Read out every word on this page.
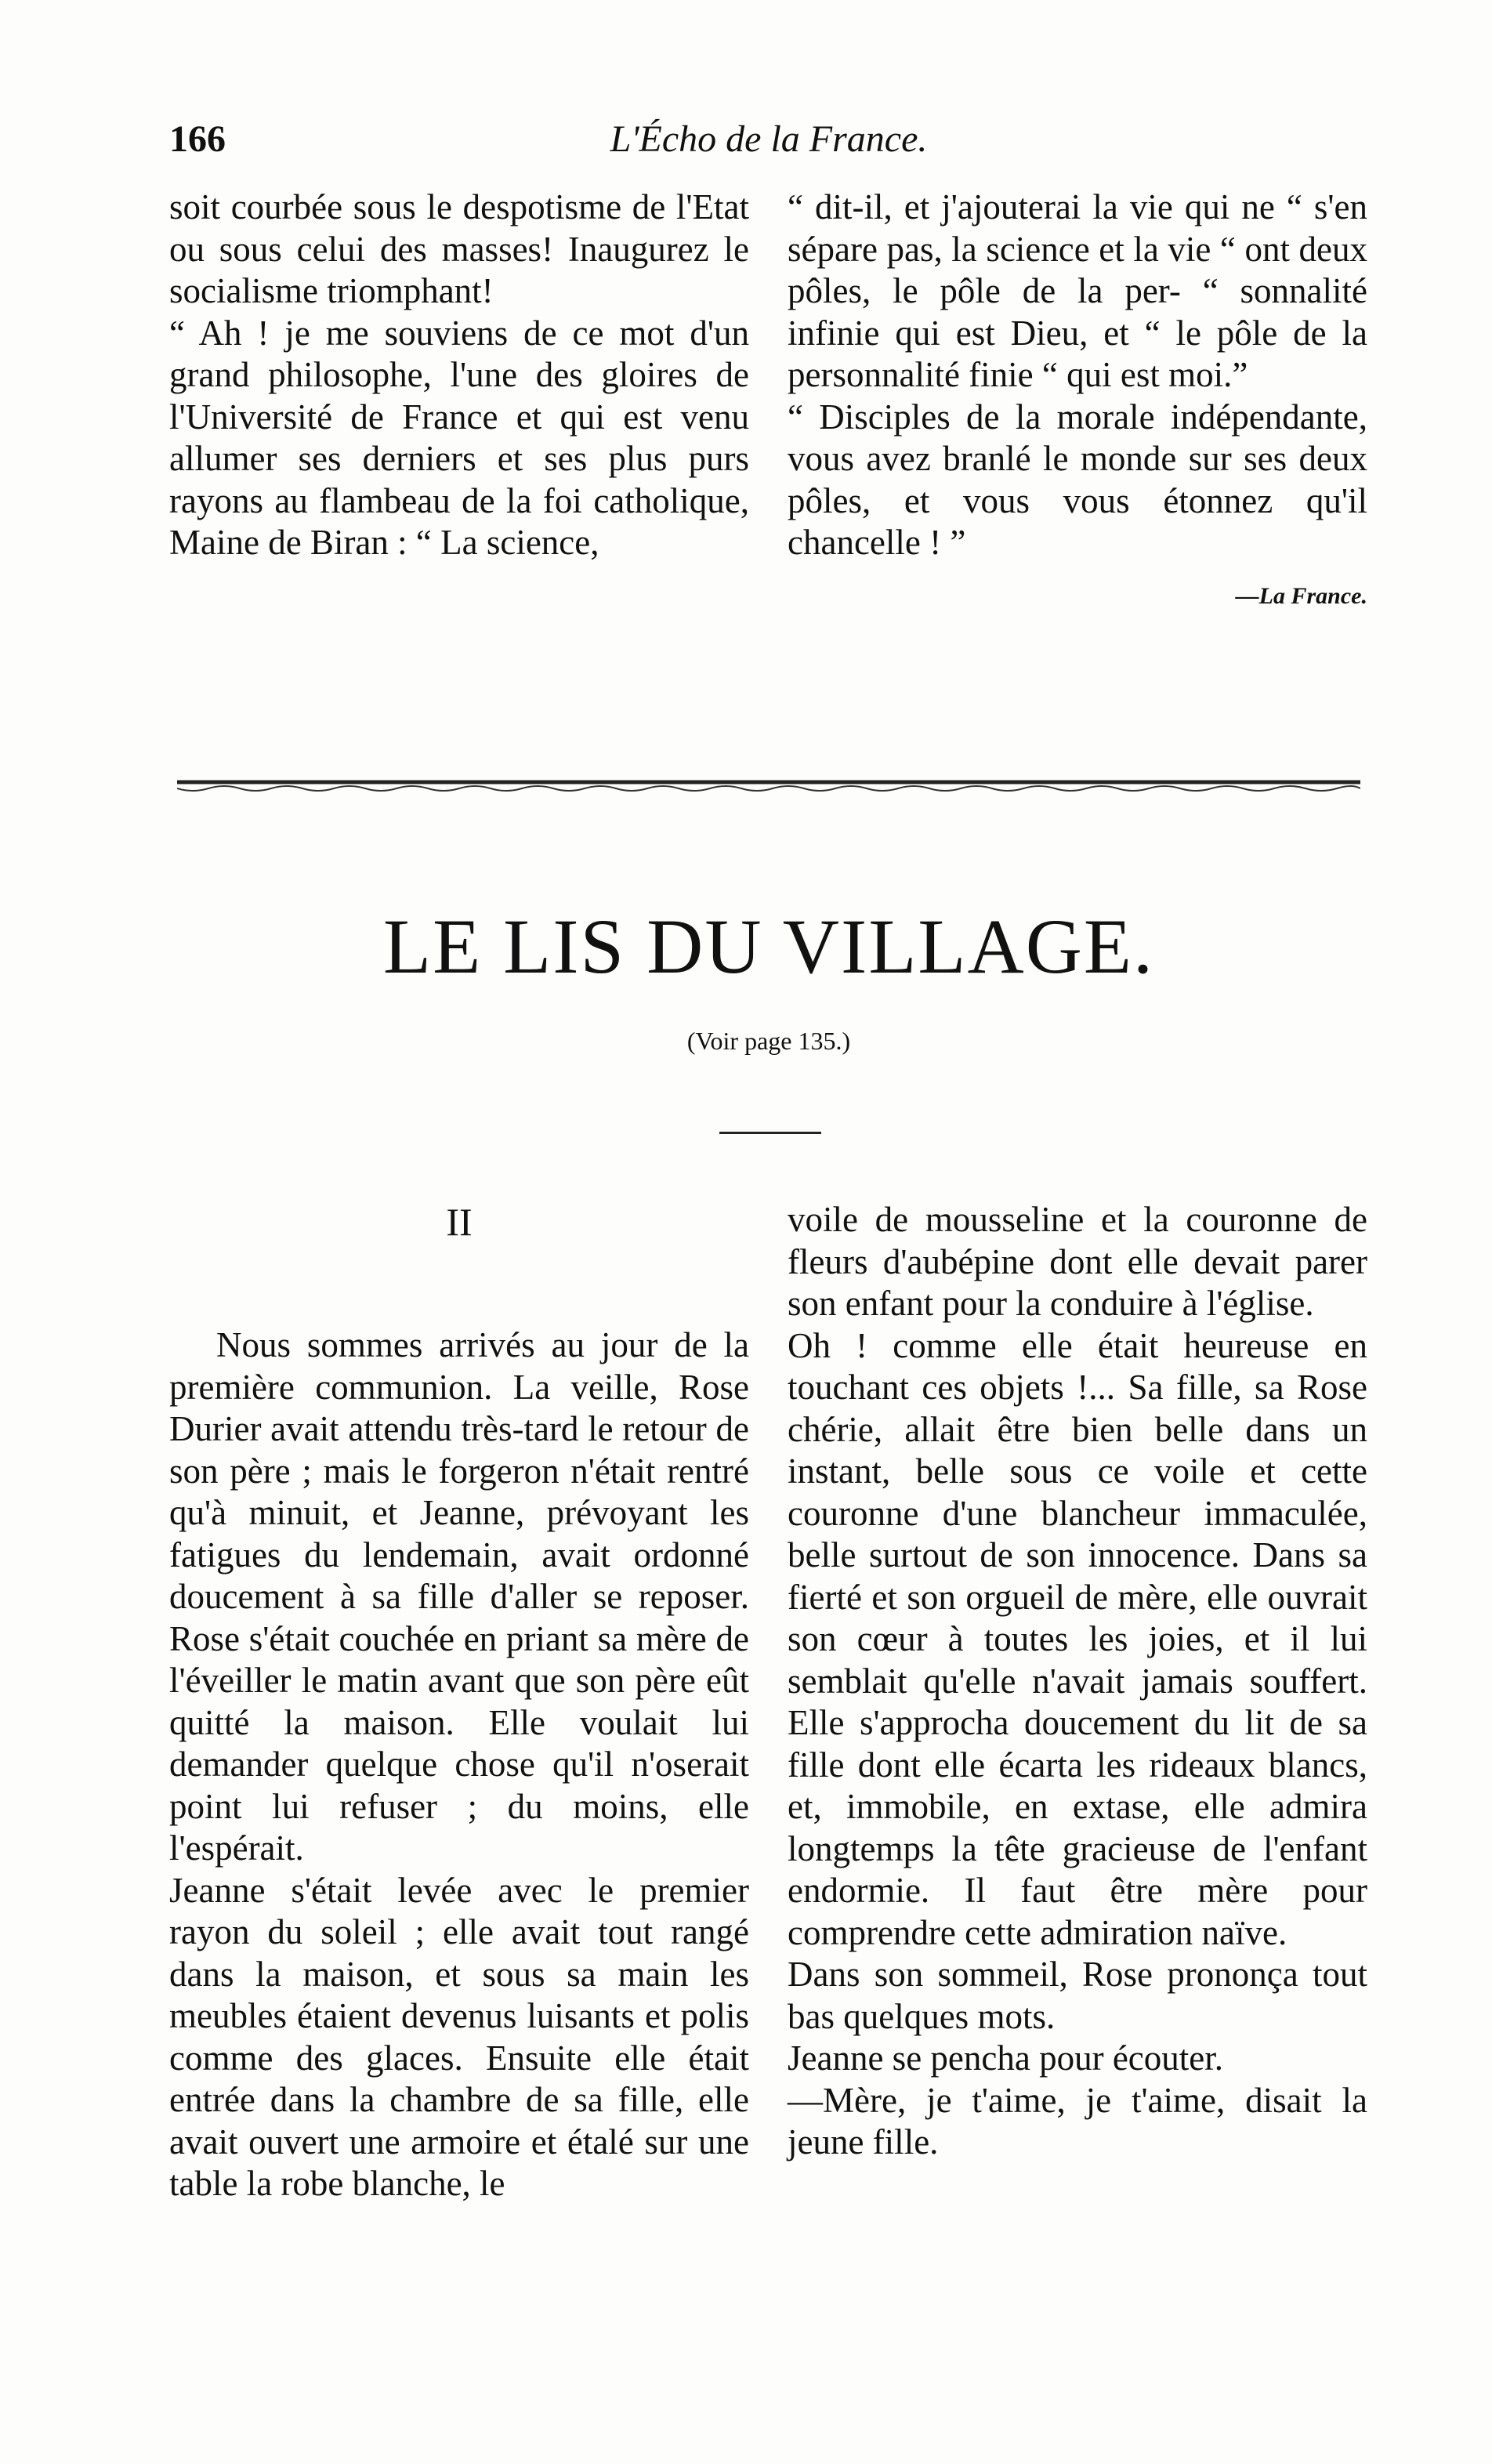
166	L'Écho de la France.

soit courbée sous le despotisme de l'Etat ou sous celui des masses! Inaugurez le socialisme triomphant!

“ Ah ! je me souviens de ce mot d'un grand philosophe, l'une des gloires de l'Université de France et qui est venu allumer ses derniers et ses plus purs rayons au flambeau de la foi catholique, Maine de Biran : “ La science,

“ dit-il, et j'ajouterai la vie qui ne “ s'en sépare pas, la science et la vie “ ont deux pôles, le pôle de la per- “ sonnalité infinie qui est Dieu, et “ le pôle de la personnalité finie “ qui est moi.”

“ Disciples de la morale indépendante, vous avez branlé le monde sur ses deux pôles, et vous vous étonnez qu'il chancelle ! ”

—La France.
LE LIS DU VILLAGE.
(Voir page 135.)
II

Nous sommes arrivés au jour de la première communion. La veille, Rose Durier avait attendu très-tard le retour de son père ; mais le forgeron n'était rentré qu'à minuit, et Jeanne, prévoyant les fatigues du lendemain, avait ordonné doucement à sa fille d'aller se reposer. Rose s'était couchée en priant sa mère de l'éveiller le matin avant que son père eût quitté la maison. Elle voulait lui demander quelque chose qu'il n'oserait point lui refuser ; du moins, elle l'espérait.

Jeanne s'était levée avec le premier rayon du soleil ; elle avait tout rangé dans la maison, et sous sa main les meubles étaient devenus luisants et polis comme des glaces. Ensuite elle était entrée dans la chambre de sa fille, elle avait ouvert une armoire et étalé sur une table la robe blanche, le

voile de mousseline et la couronne de fleurs d'aubépine dont elle devait parer son enfant pour la conduire à l'église.

Oh ! comme elle était heureuse en touchant ces objets !... Sa fille, sa Rose chérie, allait être bien belle dans un instant, belle sous ce voile et cette couronne d'une blancheur immaculée, belle surtout de son innocence. Dans sa fierté et son orgueil de mère, elle ouvrait son cœur à toutes les joies, et il lui semblait qu'elle n'avait jamais souffert. Elle s'approcha doucement du lit de sa fille dont elle écarta les rideaux blancs, et, immobile, en extase, elle admira longtemps la tête gracieuse de l'enfant endormie. Il faut être mère pour comprendre cette admiration naïve.

Dans son sommeil, Rose prononça tout bas quelques mots.

Jeanne se pencha pour écouter.

—Mère, je t'aime, je t'aime, disait la jeune fille.
